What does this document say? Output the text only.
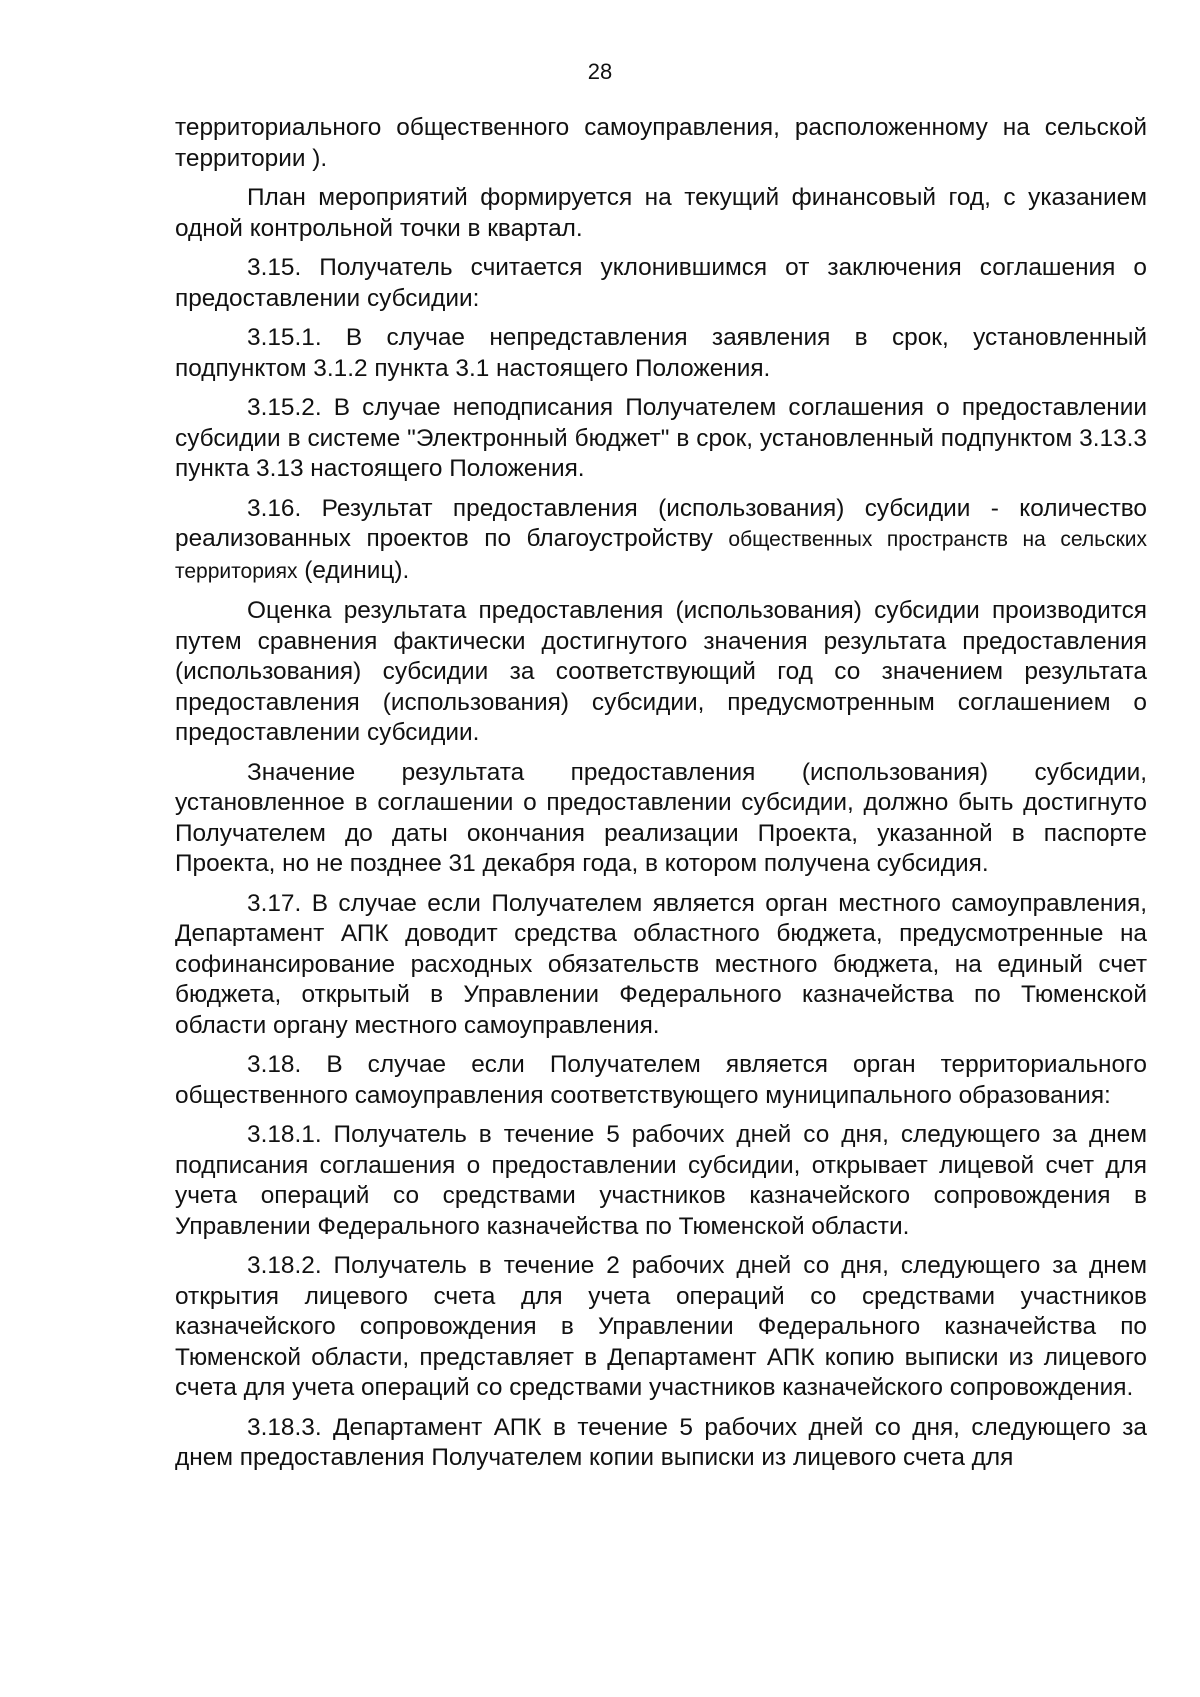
28

территориального общественного самоуправления, расположенному на сельской территории ).

План мероприятий формируется на текущий финансовый год, с указанием одной контрольной точки в квартал.

3.15. Получатель считается уклонившимся от заключения соглашения о предоставлении субсидии:

3.15.1. В случае непредставления заявления в срок, установленный подпунктом 3.1.2 пункта 3.1 настоящего Положения.

3.15.2. В случае неподписания Получателем соглашения о предоставлении субсидии в системе "Электронный бюджет" в срок, установленный подпунктом 3.13.3 пункта 3.13 настоящего Положения.

3.16. Результат предоставления (использования) субсидии - количество реализованных проектов по благоустройству общественных пространств на сельских территориях (единиц).

Оценка результата предоставления (использования) субсидии производится путем сравнения фактически достигнутого значения результата предоставления (использования) субсидии за соответствующий год со значением результата предоставления (использования) субсидии, предусмотренным соглашением о предоставлении субсидии.

Значение результата предоставления (использования) субсидии, установленное в соглашении о предоставлении субсидии, должно быть достигнуто Получателем до даты окончания реализации Проекта, указанной в паспорте Проекта, но не позднее 31 декабря года, в котором получена субсидия.

3.17. В случае если Получателем является орган местного самоуправления, Департамент АПК доводит средства областного бюджета, предусмотренные на софинансирование расходных обязательств местного бюджета, на единый счет бюджета, открытый в Управлении Федерального казначейства по Тюменской области органу местного самоуправления.

3.18. В случае если Получателем является орган территориального общественного самоуправления соответствующего муниципального образования:

3.18.1. Получатель в течение 5 рабочих дней со дня, следующего за днем подписания соглашения о предоставлении субсидии, открывает лицевой счет для учета операций со средствами участников казначейского сопровождения в Управлении Федерального казначейства по Тюменской области.

3.18.2. Получатель в течение 2 рабочих дней со дня, следующего за днем открытия лицевого счета для учета операций со средствами участников казначейского сопровождения в Управлении Федерального казначейства по Тюменской области, представляет в Департамент АПК копию выписки из лицевого счета для учета операций со средствами участников казначейского сопровождения.

3.18.3. Департамент АПК в течение 5 рабочих дней со дня, следующего за днем предоставления Получателем копии выписки из лицевого счета для
